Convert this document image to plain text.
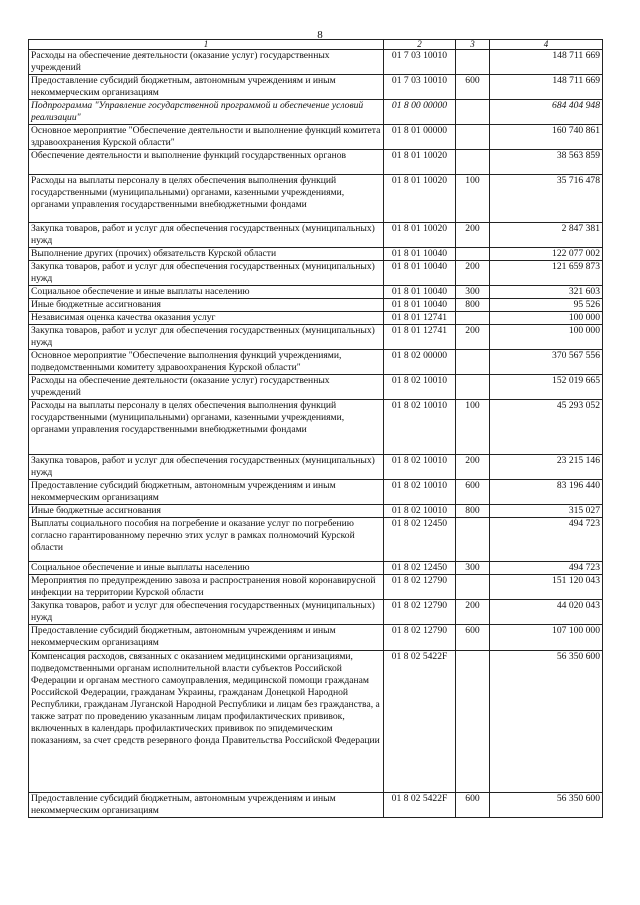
8
1	2	3	4
Расходы на обеспечение деятельности (оказание услуг) государственных учреждений	01 7 03 10010		148 711 669
Предоставление субсидий бюджетным, автономным учреждениям и иным некоммерческим организациям	01 7 03 10010	600	148 711 669
Подпрограмма "Управление государственной программой и обеспечение условий реализации"	01 8 00 00000		684 404 948
Основное мероприятие "Обеспечение деятельности и выполнение функций комитета здравоохранения Курской области"	01 8 01 00000		160 740 861
Обеспечение деятельности и выполнение функций государственных органов	01 8 01 10020		38 563 859
Расходы на выплаты персоналу в целях обеспечения выполнения функций государственными (муниципальными) органами, казенными учреждениями, органами управления государственными внебюджетными фондами	01 8 01 10020	100	35 716 478
Закупка товаров, работ и услуг для обеспечения государственных (муниципальных) нужд	01 8 01 10020	200	2 847 381
Выполнение других (прочих) обязательств Курской области	01 8 01 10040		122 077 002
Закупка товаров, работ и услуг для обеспечения государственных (муниципальных) нужд	01 8 01 10040	200	121 659 873
Социальное обеспечение и иные выплаты населению	01 8 01 10040	300	321 603
Иные бюджетные ассигнования	01 8 01 10040	800	95 526
Независимая оценка качества оказания услуг	01 8 01 12741		100 000
Закупка товаров, работ и услуг для обеспечения государственных (муниципальных) нужд	01 8 01 12741	200	100 000
Основное мероприятие "Обеспечение выполнения функций учреждениями, подведомственными комитету здравоохранения Курской области"	01 8 02 00000		370 567 556
Расходы на обеспечение деятельности (оказание услуг) государственных учреждений	01 8 02 10010		152 019 665
Расходы на выплаты персоналу в целях обеспечения выполнения функций государственными (муниципальными) органами, казенными учреждениями, органами управления государственными внебюджетными фондами	01 8 02 10010	100	45 293 052
Закупка товаров, работ и услуг для обеспечения государственных (муниципальных) нужд	01 8 02 10010	200	23 215 146
Предоставление субсидий бюджетным, автономным учреждениям и иным некоммерческим организациям	01 8 02 10010	600	83 196 440
Иные бюджетные ассигнования	01 8 02 10010	800	315 027
Выплаты социального пособия на погребение и оказание услуг по погребению согласно гарантированному перечню этих услуг в рамках полномочий Курской области	01 8 02 12450		494 723
Социальное обеспечение и иные выплаты населению	01 8 02 12450	300	494 723
Мероприятия по предупреждению завоза и распространения новой коронавирусной инфекции на территории Курской области	01 8 02 12790		151 120 043
Закупка товаров, работ и услуг для обеспечения государственных (муниципальных) нужд	01 8 02 12790	200	44 020 043
Предоставление субсидий бюджетным, автономным учреждениям и иным некоммерческим организациям	01 8 02 12790	600	107 100 000
Компенсация расходов, связанных с оказанием медицинскими организациями, подведомственными органам исполнительной власти субъектов Российской Федерации и органам местного самоуправления, медицинской помощи гражданам Российской Федерации, гражданам Украины, гражданам Донецкой Народной Республики, гражданам Луганской Народной Республики и лицам без гражданства, а также затрат по проведению указанным лицам профилактических прививок, включенных в календарь профилактических прививок по эпидемическим показаниям, за счет средств резервного фонда Правительства Российской Федерации	01 8 02 5422F		56 350 600
Предоставление субсидий бюджетным, автономным учреждениям и иным некоммерческим организациям	01 8 02 5422F	600	56 350 600
